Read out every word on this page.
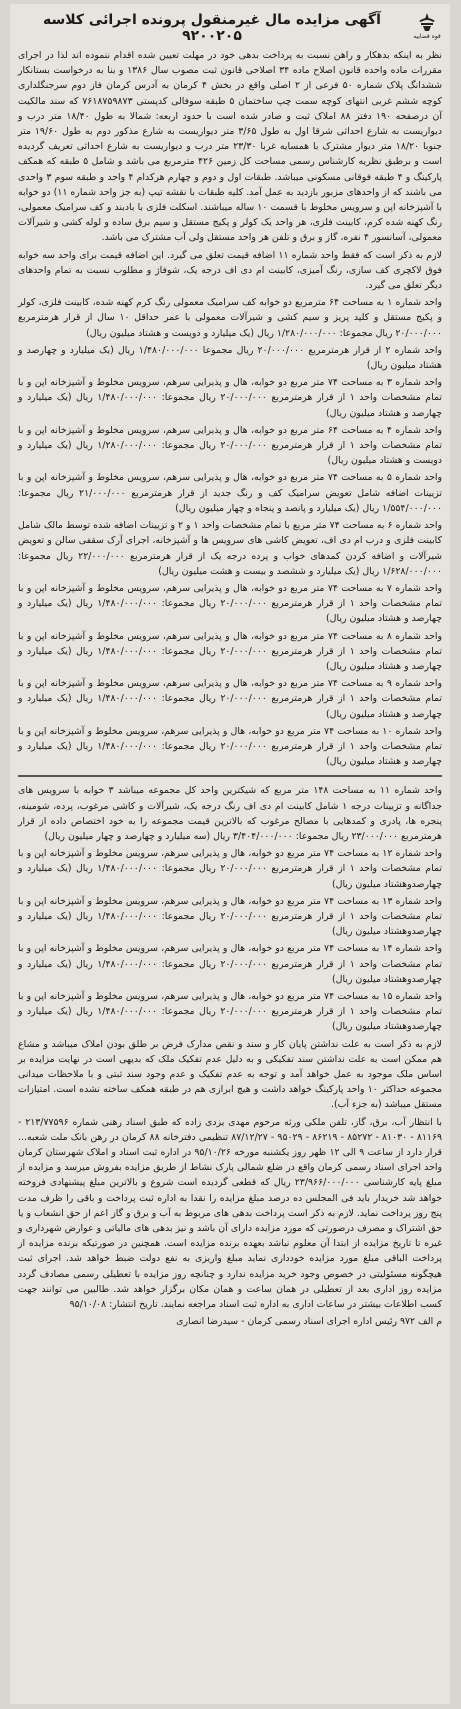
قوه قضاییه
آگهی مزایده مال غیرمنقول پرونده اجرائی کلاسه ۹۲۰۰۲۰۵

نظر به اینکه بدهکار و راهن نسبت به پرداخت بدهی خود در مهلت تعیین شده اقدام ننموده اند لذا در اجرای مقررات ماده واحده قانون اصلاح ماده ۳۴ اصلاحی قانون ثبت مصوب سال ۱۳۸۶ و بنا به درخواست بستانکار ششدانگ پلاک شماره ۵۰ فرعی از ۲ اصلی واقع در بخش ۴ کرمان به آدرس کرمان فاز دوم سرجنگلداری کوچه ششم غربی انتهای کوچه سمت چپ ساختمان ۵ طبقه سوفالی کدپستی ۷۶۱۸۷۵۹۸۷۳ که سند مالکیت آن درصفحه ۱۹۰ دفتر ۸۸ املاک ثبت و صادر شده است با حدود اربعه: شمالا به طول ۱۸/۴۰ متر درب و دیواریست به شارع احداثی شرقا اول به طول ۳/۶۵ متر دیواریست به شارع مذکور دوم به طول ۱۹/۶۰ متر جنوبا ۱۸/۲۰ متر دیوار مشترک با همسایه غربا ۲۳/۳۰ متر درب و دیواریست به شارع احداثی تعریف گردیده است و برطبق نظریه کارشناس رسمی مساحت کل زمین ۴۲۶ مترمربع می باشد و شامل ۵ طبقه که همکف پارکینگ و ۴ طبقه فوقانی مسکونی میباشد. طبقات اول و دوم و چهارم هرکدام ۴ واحد و طبقه سوم ۳ واحدی می باشند که از واحدهای مزبور بازدید به عمل آمد. کلیه طبقات با نقشه تیپ (به جز واحد شماره ۱۱) دو خوابه با آشپزخانه اپن و سرویس مخلوط با قسمت ۱۰ ساله میباشند. اسکلت فلزی با بادبند و کف سرامیک معمولی، رنگ کهنه شده کرم، کابینت فلزی، هر واحد یک کولر و پکیج مستقل و سیم برق ساده و لوله کشی و شیرآلات معمولی، آسانسور ۴ نفره، گاز و برق و تلفن هر واحد مستقل ولی آب مشترک می باشد.

لازم به ذکر است که فقط واحد شماره ۱۱ اضافه قیمت تعلق می گیرد. این اضافه قیمت برای واحد سه خوابه فوق لاکچری کف سازی، رنگ آمیزی، کابینت ام دی اف درجه یک، شوفاژ و مطلوب نسبت به تمام واحدهای دیگر تعلق می گیرد.

واحد شماره ۱ به مساحت ۶۴ مترمربع دو خوابه کف سرامیک معمولی رنگ کرم کهنه شده، کابینت فلزی، کولر و پکیج مستقل و کلید پریز و سیم کشی و شیرآلات معمولی با عمر حداقل ۱۰ سال از قرار هرمترمربع ۲۰/۰۰۰/۰۰۰ ریال مجموعا: ۱/۲۸۰/۰۰۰/۰۰۰ ریال (یک میلیارد و دویست و هشتاد میلیون ریال)

واحد شماره ۲ از قرار هرمترمربع ۲۰/۰۰۰/۰۰۰ ریال مجموعا ۱/۴۸۰/۰۰۰/۰۰۰ ریال (یک میلیارد و چهارصد و هشتاد میلیون ریال)

واحد شماره ۳ به مساحت ۷۴ متر مربع دو خوابه، هال و پذیرایی سرهم، سرویس مخلوط و آشپزخانه اپن و با تمام مشخصات واحد ۱ از قرار هرمترمربع ۲۰/۰۰۰/۰۰۰ ریال مجموعا: ۱/۴۸۰/۰۰۰/۰۰۰ ریال (یک میلیارد و چهارصد و هشتاد میلیون ریال)

واحد شماره ۴ به مساحت ۶۴ متر مربع دو خوابه، هال و پذیرایی سرهم، سرویس مخلوط و آشپزخانه اپن و با تمام مشخصات واحد ۱ از قرار هرمترمربع ۲۰/۰۰۰/۰۰۰ ریال مجموعا: ۱/۲۸۰/۰۰۰/۰۰۰ ریال (یک میلیارد و دویست و هشتاد میلیون ریال)

واحد شماره ۵ به مساحت ۷۴ متر مربع دو خوابه، هال و پذیرایی سرهم، سرویس مخلوط و آشپزخانه اپن و با تزیینات اضافه شامل تعویض سرامیک کف و رنگ جدید از قرار هرمترمربع ۲۱/۰۰۰/۰۰۰ ریال مجموعا: ۱/۵۵۴/۰۰۰/۰۰۰ ریال (یک میلیارد و پانصد و پنجاه و چهار میلیون ریال)

واحد شماره ۶ به مساحت ۷۴ متر مربع با تمام مشخصات واحد ۱ و ۲ و تزیینات اضافه شده توسط مالک شامل کابینت فلزی و درب ام دی اف، تعویض کاشی های سرویس ها و آشپزخانه، اجرای آرک سقفی سالن و تعویض شیرآلات و اضافه کردن کمدهای خواب و پرده درجه یک از قرار هرمترمربع ۲۲/۰۰۰/۰۰۰ ریال مجموعا: ۱/۶۲۸/۰۰۰/۰۰۰ ریال (یک میلیارد و ششصد و بیست و هشت میلیون ریال)

واحد شماره ۷ به مساحت ۷۴ متر مربع دو خوابه، هال و پذیرایی سرهم، سرویس مخلوط و آشپزخانه اپن و با تمام مشخصات واحد ۱ از قرار هرمترمربع ۲۰/۰۰۰/۰۰۰ ریال مجموعا: ۱/۴۸۰/۰۰۰/۰۰۰ ریال (یک میلیارد و چهارصد و هشتاد میلیون ریال)

واحد شماره ۸ به مساحت ۷۴ متر مربع دو خوابه، هال و پذیرایی سرهم، سرویس مخلوط و آشپزخانه اپن و با تمام مشخصات واحد ۱ از قرار هرمترمربع ۲۰/۰۰۰/۰۰۰ ریال مجموعا: ۱/۴۸۰/۰۰۰/۰۰۰ ریال (یک میلیارد و چهارصد و هشتاد میلیون ریال)

واحد شماره ۹ به مساحت ۷۴ متر مربع دو خوابه، هال و پذیرایی سرهم، سرویس مخلوط و آشپزخانه اپن و با تمام مشخصات واحد ۱ از قرار هرمترمربع ۲۰/۰۰۰/۰۰۰ ریال مجموعا: ۱/۴۸۰/۰۰۰/۰۰۰ ریال (یک میلیارد و چهارصد و هشتاد میلیون ریال)

واحد شماره ۱۰ به مساحت ۷۴ متر مربع دو خوابه، هال و پذیرایی سرهم، سرویس مخلوط و آشپزخانه اپن و با تمام مشخصات واحد ۱ از قرار هرمترمربع ۲۰/۰۰۰/۰۰۰ ریال مجموعا: ۱/۴۸۰/۰۰۰/۰۰۰ ریال (یک میلیارد و چهارصد و هشتاد میلیون ریال)

واحد شماره ۱۱ به مساحت ۱۴۸ متر مربع که شیکترین واحد کل مجموعه میباشد ۳ خوابه با سرویس های جداگانه و تزیینات درجه ۱ شامل کابینت ام دی اف رنگ درجه یک، شیرآلات و کاشی مرغوب، پرده، شومینه، پنجره ها، پادری و کمدهایی با مصالح مرغوب که بالاترین قیمت مجموعه را به خود اختصاص داده از قرار هرمترمربع ۲۳/۰۰۰/۰۰۰ ریال مجموعا: ۳/۴۰۴/۰۰۰/۰۰۰ ریال (سه میلیارد و چهارصد و چهار میلیون ریال)

واحد شماره ۱۲ به مساحت ۷۴ متر مربع دو خوابه، هال و پذیرایی سرهم، سرویس مخلوط و آشپزخانه اپن و با تمام مشخصات واحد ۱ از قرار هرمترمربع ۲۰/۰۰۰/۰۰۰ ریال مجموعا: ۱/۴۸۰/۰۰۰/۰۰۰ ریال (یک میلیارد و چهارصدوهشتاد میلیون ریال)

واحد شماره ۱۳ به مساحت ۷۴ متر مربع دو خوابه، هال و پذیرایی سرهم، سرویس مخلوط و آشپزخانه اپن و با تمام مشخصات واحد ۱ از قرار هرمترمربع ۲۰/۰۰۰/۰۰۰ ریال مجموعا: ۱/۴۸۰/۰۰۰/۰۰۰ ریال (یک میلیارد و چهارصدوهشتاد میلیون ریال)

واحد شماره ۱۴ به مساحت ۷۴ متر مربع دو خوابه، هال و پذیرایی سرهم، سرویس مخلوط و آشپزخانه اپن و با تمام مشخصات واحد ۱ از قرار هرمترمربع ۲۰/۰۰۰/۰۰۰ ریال مجموعا: ۱/۴۸۰/۰۰۰/۰۰۰ ریال (یک میلیارد و چهارصدوهشتاد میلیون ریال)

واحد شماره ۱۵ به مساحت ۷۴ متر مربع دو خوابه، هال و پذیرایی سرهم، سرویس مخلوط و آشپزخانه اپن و با تمام مشخصات واحد ۱ از قرار هرمترمربع ۲۰/۰۰۰/۰۰۰ ریال مجموعا: ۱/۴۸۰/۰۰۰/۰۰۰ ریال (یک میلیارد و چهارصدوهشتاد میلیون ریال)

لازم به ذکر است به علت نداشتن پایان کار و سند و نقص مدارک فرض بر طلق بودن املاک میباشد و مشاع هم ممکن است به علت نداشتن سند تفکیکی و به دلیل عدم تفکیک ملک که بدیهی است در نهایت مزایده بر اساس ملک موجود به عمل خواهد آمد و توجه به عدم تفکیک و عدم وجود سند ثبتی و با ملاحظات میدانی مجموعه حداکثر ۱۰ واحد پارکینگ خواهد داشت و هیچ ابرازی هم در طبقه همکف ساخته نشده است. امتیازات مستقل میباشد (به جزء آب).

با انتظار آب، برق، گاز، تلفن ملکی ورثه مرحوم مهدی یزدی زاده که طبق اسناد رهنی شماره ۲۱۳/۷۷۵۹۶ - ۸۱۱۶۹ - ۸۱۰۳۰ - ۸۵۲۷۲ - ۸۶۲۱۹ - ۹۵۰۲۹ - ۸۷/۱۲/۲۷ تنظیمی دفترخانه ۸۸ کرمان در رهن بانک ملت شعبه... قرار دارد از ساعت ۹ الی ۱۲ ظهر روز یکشنبه مورخه ۹۵/۱۰/۲۶ در اداره ثبت اسناد و املاک شهرستان کرمان واحد اجرای اسناد رسمی کرمان واقع در ضلع شمالی پارک نشاط از طریق مزایده بفروش میرسد و مزایده از مبلغ پایه کارشناسی ۲۳/۹۶۶/۰۰۰/۰۰۰ ریال که قطعی گردیده است شروع و بالاترین مبلغ پیشنهادی فروخته خواهد شد خریدار باید فی المجلس ده درصد مبلغ مزایده را نقدا به اداره ثبت پرداخت و باقی را ظرف مدت پنج روز پرداخت نماید. لازم به ذکر است پرداخت بدهی های مربوط به آب و برق و گاز اعم از حق انشعاب و یا حق اشتراک و مصرف درصورتی که مورد مزایده دارای آن باشد و نیز بدهی های مالیاتی و عوارض شهرداری و غیره تا تاریخ مزایده از ابتدا آن معلوم نباشد بعهده برنده مزایده است. همچنین در صورتیکه برنده مزایده از پرداخت الباقی مبلغ مورد مزایده خودداری نماید مبلغ واریزی به نفع دولت ضبط خواهد شد. اجرای ثبت هیچگونه مسئولیتی در خصوص وجود خرید مزایده ندارد و چنانچه روز مزایده با تعطیلی رسمی مصادف گردد مزایده روز اداری بعد از تعطیلی در همان ساعت و همان مکان برگزار خواهد شد. طالبین می توانند جهت کسب اطلاعات بیشتر در ساعات اداری به اداره ثبت اسناد مراجعه نمایند. تاریخ انتشار: ۹۵/۱۰/۰۸

م الف ۹۷۲ رئیس اداره اجرای اسناد رسمی کرمان - سیدرضا انصاری
